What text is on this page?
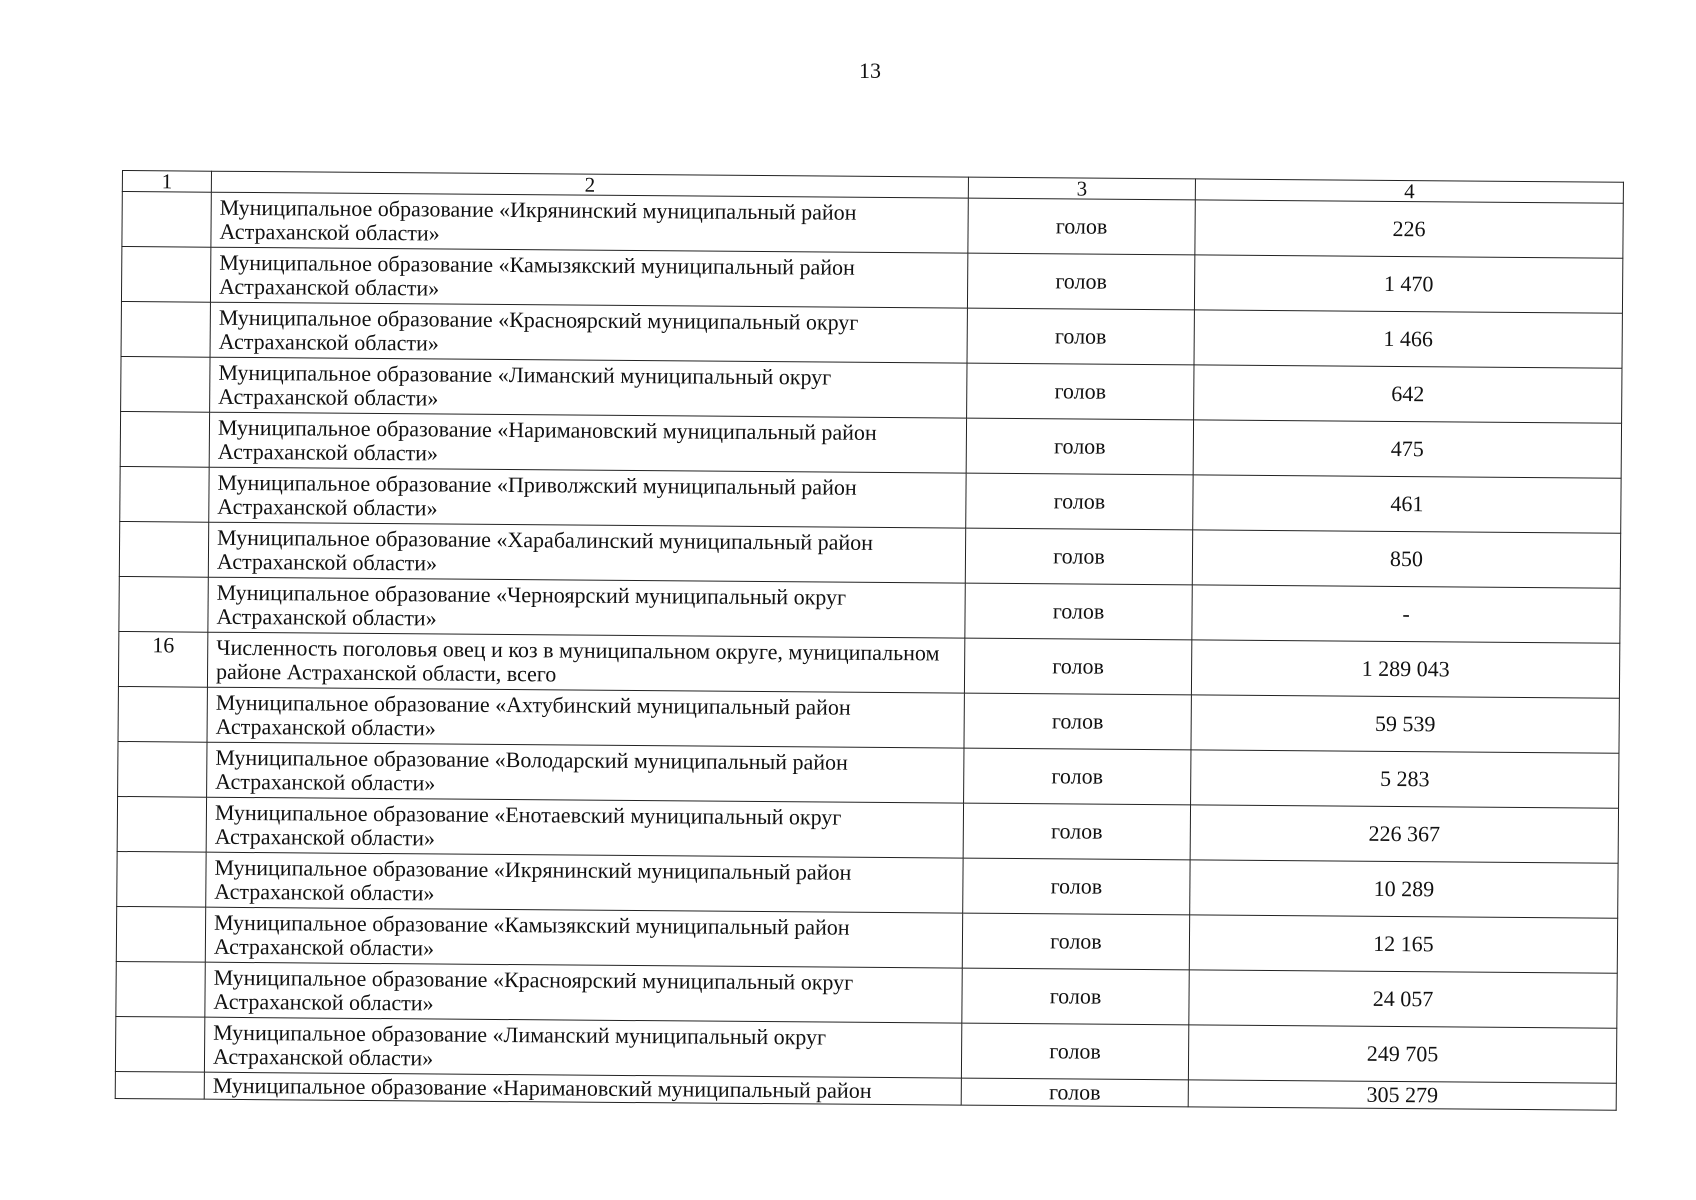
13
1	2	3	4
	Муниципальное образование «Икрянинский муниципальный район Астраханской области»	голов	226
	Муниципальное образование «Камызякский муниципальный район Астраханской области»	голов	1 470
	Муниципальное образование «Красноярский муниципальный округ Астраханской области»	голов	1 466
	Муниципальное образование «Лиманский муниципальный округ Астраханской области»	голов	642
	Муниципальное образование «Наримановский муниципальный район Астраханской области»	голов	475
	Муниципальное образование «Приволжский муниципальный район Астраханской области»	голов	461
	Муниципальное образование «Харабалинский муниципальный район Астраханской области»	голов	850
	Муниципальное образование «Черноярский муниципальный округ Астраханской области»	голов	-
16	Численность поголовья овец и коз в муниципальном округе, муниципальном районе Астраханской области, всего	голов	1 289 043
	Муниципальное образование «Ахтубинский муниципальный район Астраханской области»	голов	59 539
	Муниципальное образование «Володарский муниципальный район Астраханской области»	голов	5 283
	Муниципальное образование «Енотаевский муниципальный округ Астраханской области»	голов	226 367
	Муниципальное образование «Икрянинский муниципальный район Астраханской области»	голов	10 289
	Муниципальное образование «Камызякский муниципальный район Астраханской области»	голов	12 165
	Муниципальное образование «Красноярский муниципальный округ Астраханской области»	голов	24 057
	Муниципальное образование «Лиманский муниципальный округ Астраханской области»	голов	249 705
	Муниципальное образование «Наримановский муниципальный район	голов	305 279
